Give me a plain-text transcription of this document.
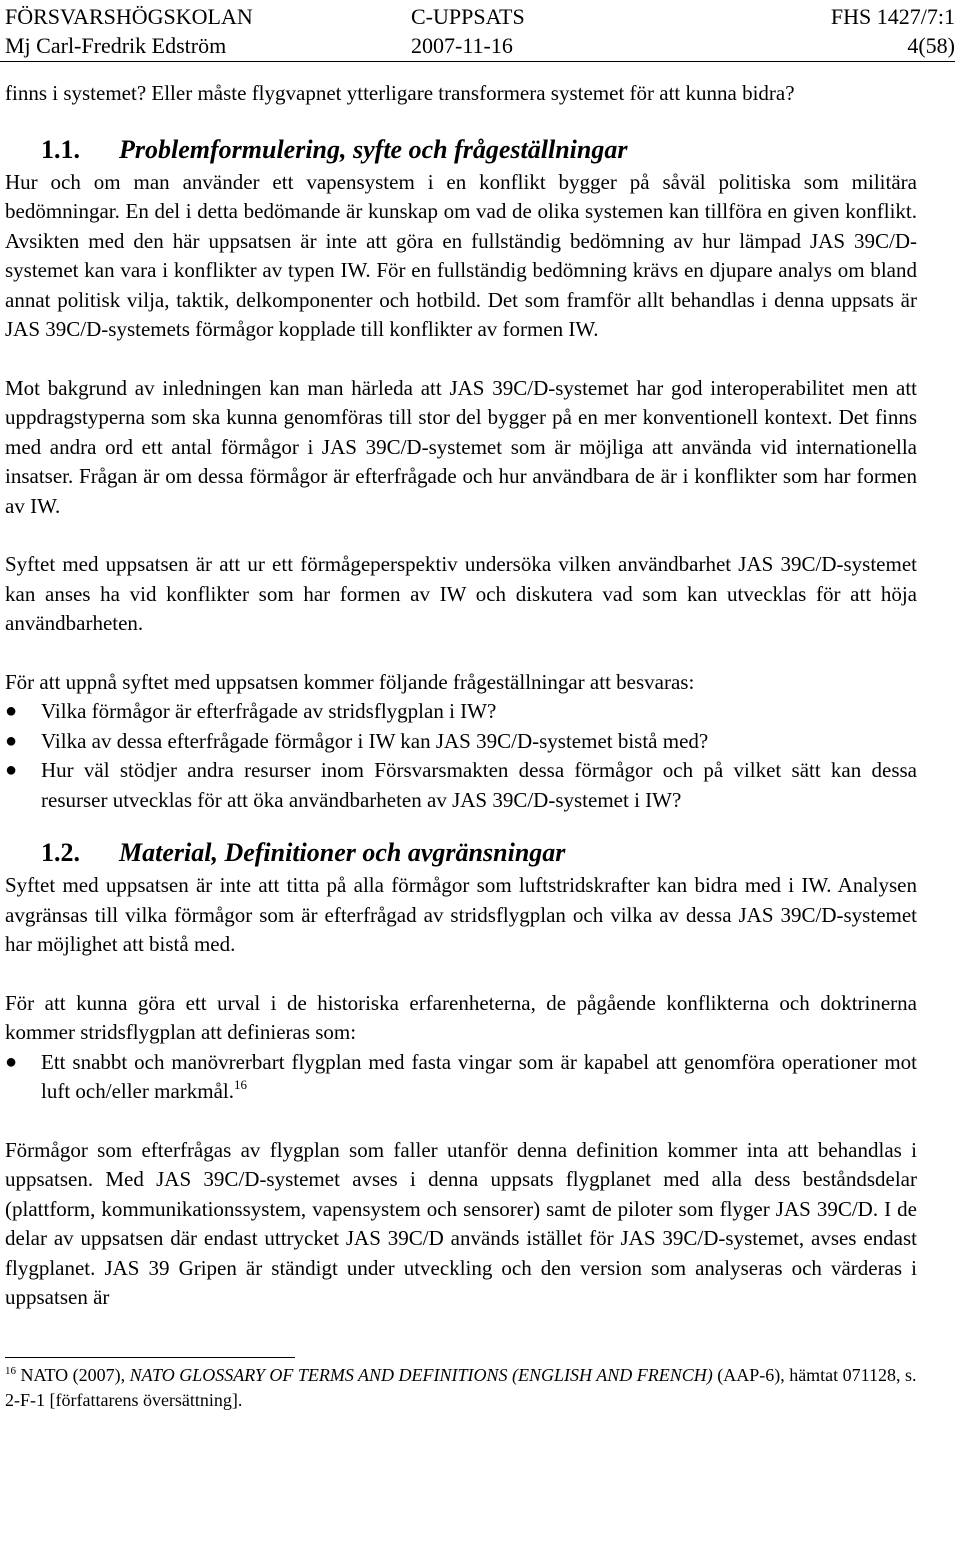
FÖRSVARSHÖGSKOLAN	C-UPPSATS	FHS 1427/7:1
Mj Carl-Fredrik Edström	2007-11-16	4(58)

finns i systemet? Eller måste flygvapnet ytterligare transformera systemet för att kunna bidra?

1.1. Problemformulering, syfte och frågeställningar

Hur och om man använder ett vapensystem i en konflikt bygger på såväl politiska som militära bedömningar. En del i detta bedömande är kunskap om vad de olika systemen kan tillföra en given konflikt. Avsikten med den här uppsatsen är inte att göra en fullständig bedömning av hur lämpad JAS 39C/D-systemet kan vara i konflikter av typen IW. För en fullständig bedömning krävs en djupare analys om bland annat politisk vilja, taktik, delkomponenter och hotbild. Det som framför allt behandlas i denna uppsats är JAS 39C/D-systemets förmågor kopplade till konflikter av formen IW.

Mot bakgrund av inledningen kan man härleda att JAS 39C/D-systemet har god interoperabilitet men att uppdragstyperna som ska kunna genomföras till stor del bygger på en mer konventionell kontext. Det finns med andra ord ett antal förmågor i JAS 39C/D-systemet som är möjliga att använda vid internationella insatser. Frågan är om dessa förmågor är efterfrågade och hur användbara de är i konflikter som har formen av IW.

Syftet med uppsatsen är att ur ett förmågeperspektiv undersöka vilken användbarhet JAS 39C/D-systemet kan anses ha vid konflikter som har formen av IW och diskutera vad som kan utvecklas för att höja användbarheten.

För att uppnå syftet med uppsatsen kommer följande frågeställningar att besvaras:

● Vilka förmågor är efterfrågade av stridsflygplan i IW?
● Vilka av dessa efterfrågade förmågor i IW kan JAS 39C/D-systemet bistå med?
● Hur väl stödjer andra resurser inom Försvarsmakten dessa förmågor och på vilket sätt kan dessa resurser utvecklas för att öka användbarheten av JAS 39C/D-systemet i IW?
1.2. Material, Definitioner och avgränsningar

Syftet med uppsatsen är inte att titta på alla förmågor som luftstridskrafter kan bidra med i IW. Analysen avgränsas till vilka förmågor som är efterfrågad av stridsflygplan och vilka av dessa JAS 39C/D-systemet har möjlighet att bistå med.

För att kunna göra ett urval i de historiska erfarenheterna, de pågående konflikterna och doktrinerna kommer stridsflygplan att definieras som:

● Ett snabbt och manövrerbart flygplan med fasta vingar som är kapabel att genomföra operationer mot luft och/eller markmål.$^{16}$

Förmågor som efterfrågas av flygplan som faller utanför denna definition kommer inta att behandlas i uppsatsen. Med JAS 39C/D-systemet avses i denna uppsats flygplanet med alla dess beståndsdelar (plattform, kommunikationssystem, vapensystem och sensorer) samt de piloter som flyger JAS 39C/D. I de delar av uppsatsen där endast uttrycket JAS 39C/D används istället för JAS 39C/D-systemet, avses endast flygplanet. JAS 39 Gripen är ständigt under utveckling och den version som analyseras och värderas i uppsatsen är

$^{16}$ NATO (2007), NATO GLOSSARY OF TERMS AND DEFINITIONS (ENGLISH AND FRENCH) (AAP-6), hämtat 071128, s. 2-F-1 [författarens översättning].
